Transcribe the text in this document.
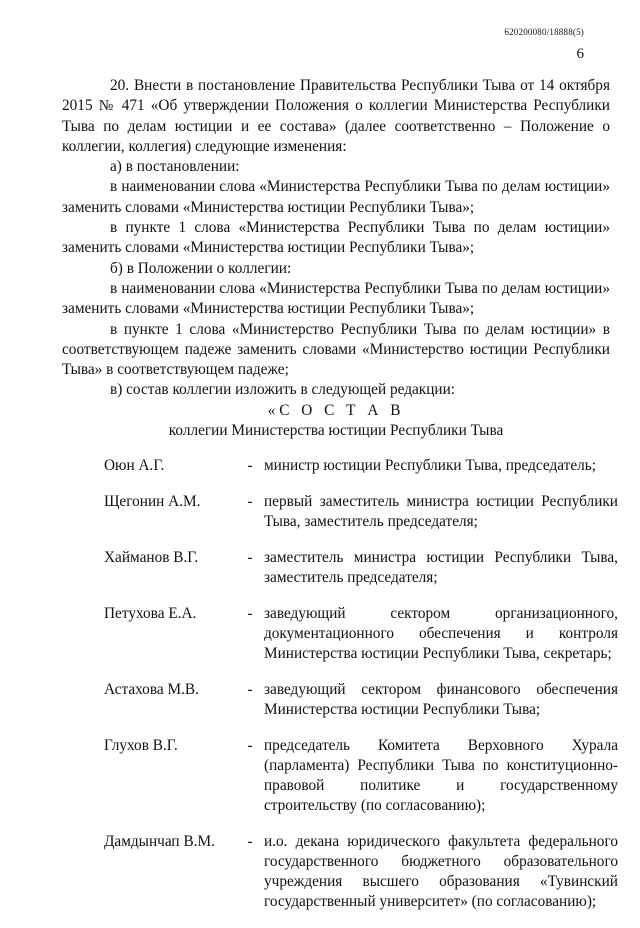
620200080/18888(5)
6

20. Внести в постановление Правительства Республики Тыва от 14 октября 2015 № 471 «Об утверждении Положения о коллегии Министерства Республики Тыва по делам юстиции и ее состава» (далее соответственно – Положение о коллегии, коллегия) следующие изменения:

а) в постановлении:

в наименовании слова «Министерства Республики Тыва по делам юстиции» заменить словами «Министерства юстиции Республики Тыва»;

в пункте 1 слова «Министерства Республики Тыва по делам юстиции» заменить словами «Министерства юстиции Республики Тыва»;

б) в Положении о коллегии:

в наименовании слова «Министерства Республики Тыва по делам юстиции» заменить словами «Министерства юстиции Республики Тыва»;

в пункте 1 слова «Министерство Республики Тыва по делам юстиции» в соответствующем падеже заменить словами «Министерство юстиции Республики Тыва» в соответствующем падеже;

в) состав коллегии изложить в следующей редакции:

«С О С Т А В
коллегии Министерства юстиции Республики Тыва
Оюн А.Г.	- министр юстиции Республики Тыва, председатель;
Щегонин А.М.	- первый заместитель министра юстиции Республики Тыва, заместитель председателя;
Хайманов В.Г.	- заместитель министра юстиции Республики Тыва, заместитель председателя;
Петухова Е.А.	- заведующий сектором организационного, документационного обеспечения и контроля Министерства юстиции Республики Тыва, секретарь;
Астахова М.В.	- заведующий сектором финансового обеспечения Министерства юстиции Республики Тыва;
Глухов В.Г.	- председатель Комитета Верховного Хурала (парламента) Республики Тыва по конституционно-правовой политике и государственному строительству (по согласованию);
Дамдынчап В.М.	- и.о. декана юридического факультета федерального государственного бюджетного образовательного учреждения высшего образования «Тувинский государственный университет» (по согласованию);
